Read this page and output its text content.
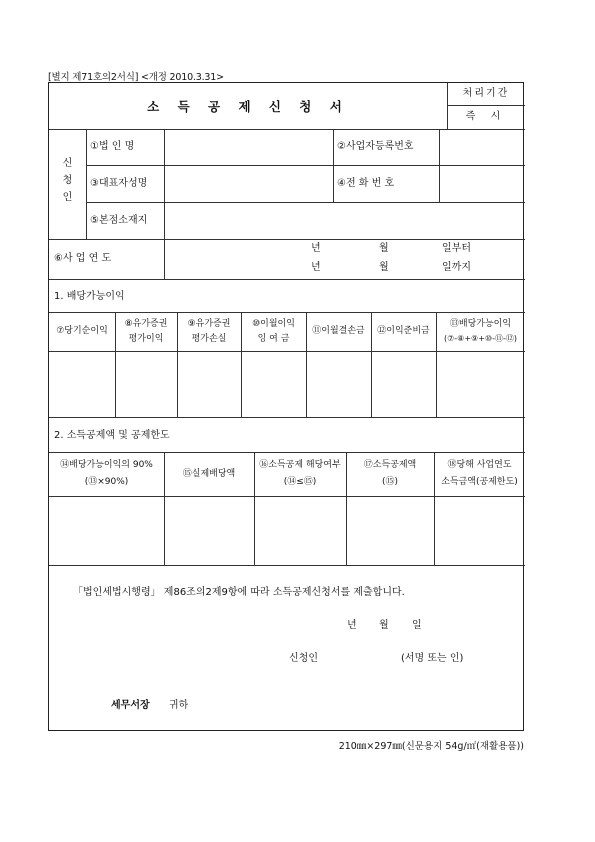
[별지 제71호의2서식] <개정 2010.3.31>
소 득 공 제 신 청 서
처리기간
즉 시
신
청
인
①법 인 명	②사업자등록번호
③대표자성명	④전 화 번 호
⑤본점소재지
⑥사 업 연 도
년	월	일부터
년	월	일까지
1. 배당가능이익
⑦당기순이익
⑧유가증권
평가이익
⑨유가증권
평가손실
⑩이월이익
잉 여 금
⑪이월결손금	⑫이익준비금
⑬배당가능이익
(⑦-⑧+⑨+⑩-⑪-⑫)
2. 소득공제액 및 공제한도
⑭배당가능이익의 90%
(⑬×90%)
⑮실제배당액
⑯소득공제 해당여부
(⑭≤⑮)
⑰소득공제액
(⑮)
⑱당해 사업연도
소득금액(공제한도)
「법인세법시행령」 제86조의2제9항에 따라 소득공제신청서를 제출합니다.
년 월 일
신청인	(서명 또는 인)
세무서장 귀하
210㎜×297㎜(신문용지 54g/㎡(재활용품))
